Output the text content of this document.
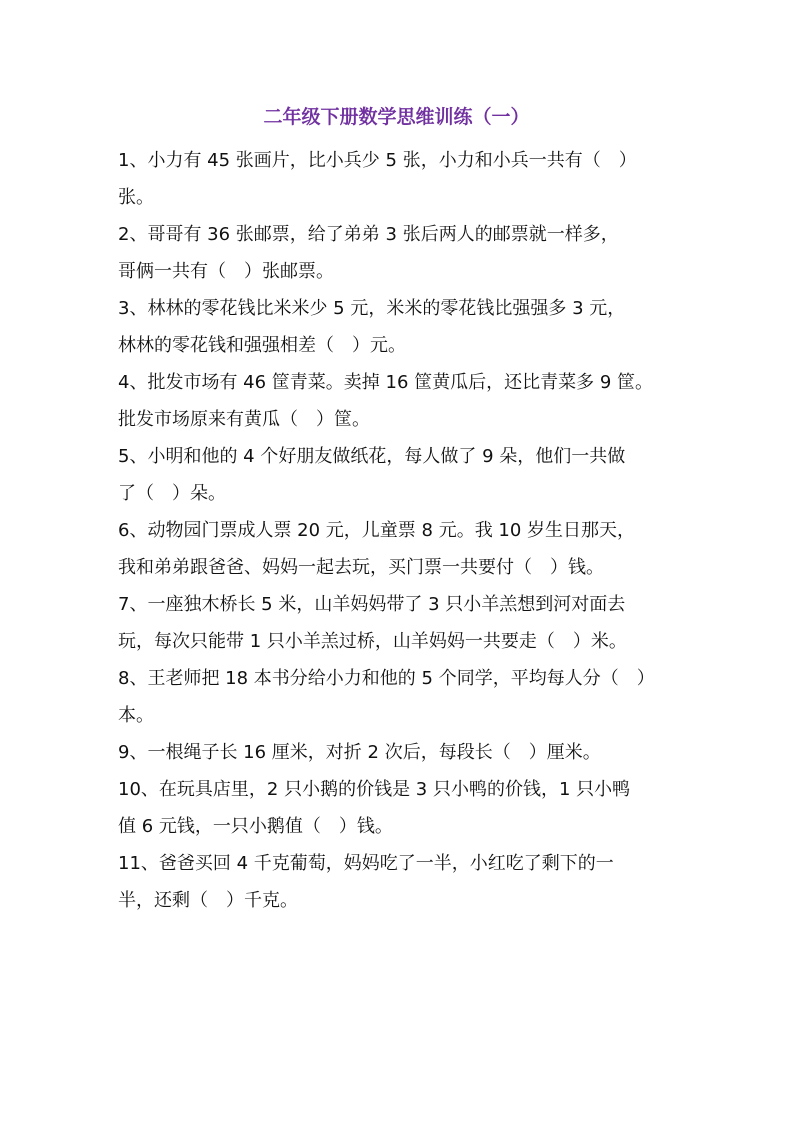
二年级下册数学思维训练（一）
1、小力有 45 张画片，比小兵少 5 张，小力和小兵一共有（　）
张。
2、哥哥有 36 张邮票，给了弟弟 3 张后两人的邮票就一样多，
哥俩一共有（　）张邮票。
3、林林的零花钱比米米少 5 元，米米的零花钱比强强多 3 元，
林林的零花钱和强强相差（　）元。
4、批发市场有 46 筐青菜。卖掉 16 筐黄瓜后，还比青菜多 9 筐。
批发市场原来有黄瓜（　）筐。
5、小明和他的 4 个好朋友做纸花，每人做了 9 朵，他们一共做
了（　）朵。
6、动物园门票成人票 20 元，儿童票 8 元。我 10 岁生日那天，
我和弟弟跟爸爸、妈妈一起去玩，买门票一共要付（　）钱。
7、一座独木桥长 5 米，山羊妈妈带了 3 只小羊羔想到河对面去
玩，每次只能带 1 只小羊羔过桥，山羊妈妈一共要走（　）米。
8、王老师把 18 本书分给小力和他的 5 个同学，平均每人分（　）
本。
9、一根绳子长 16 厘米，对折 2 次后，每段长（　）厘米。
10、在玩具店里，2 只小鹅的价钱是 3 只小鸭的价钱，1 只小鸭
值 6 元钱，一只小鹅值（　）钱。
11、爸爸买回 4 千克葡萄，妈妈吃了一半，小红吃了剩下的一
半，还剩（　）千克。
